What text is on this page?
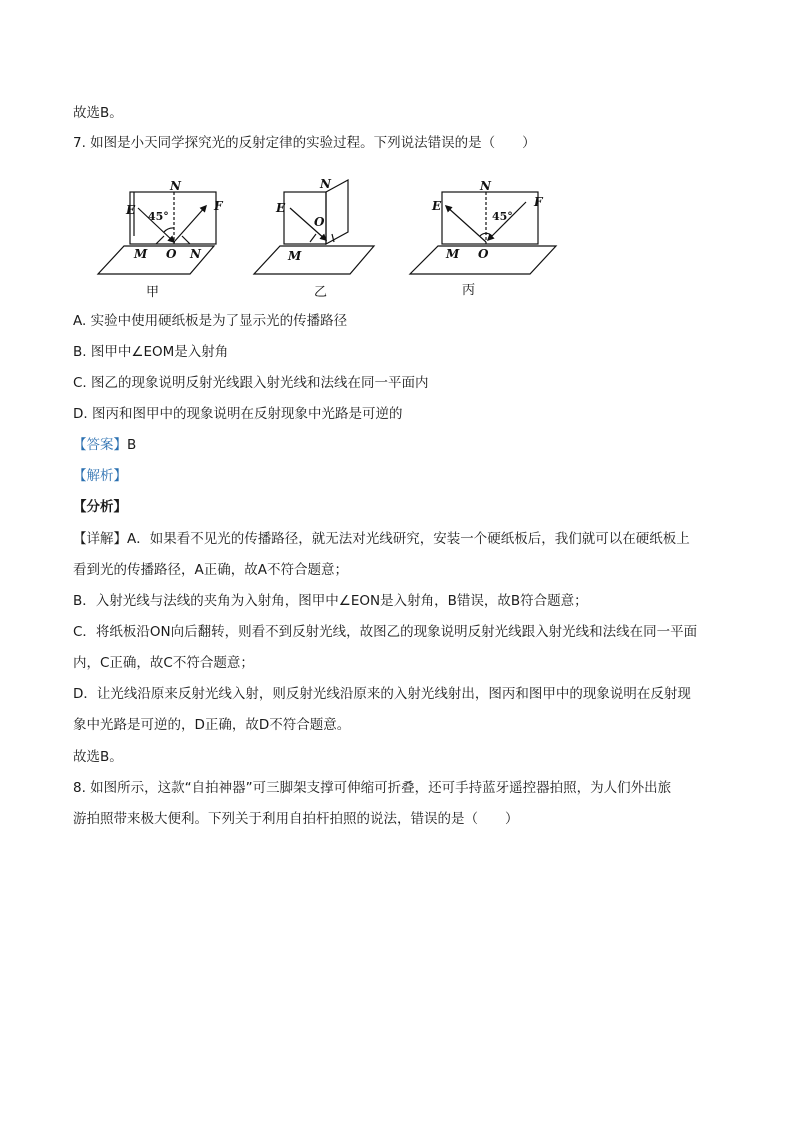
故选B。
7. 如图是小天同学探究光的反射定律的实验过程。下列说法错误的是（　　）
E	F
N
45°
M O N
甲
E
N
O
M
乙
E	F
N
45°
M O
丙
A. 实验中使用硬纸板是为了显示光的传播路径
B. 图甲中∠EOM是入射角
C. 图乙的现象说明反射光线跟入射光线和法线在同一平面内
D. 图丙和图甲中的现象说明在反射现象中光路是可逆的
【答案】B
【解析】
【分析】
【详解】A．如果看不见光的传播路径，就无法对光线研究，安装一个硬纸板后，我们就可以在硬纸板上
看到光的传播路径，A正确，故A不符合题意；
B．入射光线与法线的夹角为入射角，图甲中∠EON是入射角，B错误，故B符合题意；
C．将纸板沿ON向后翻转，则看不到反射光线，故图乙的现象说明反射光线跟入射光线和法线在同一平面
内，C正确，故C不符合题意；
D．让光线沿原来反射光线入射，则反射光线沿原来的入射光线射出，图丙和图甲中的现象说明在反射现
象中光路是可逆的，D正确，故D不符合题意。
故选B。
8. 如图所示，这款“自拍神器”可三脚架支撑可伸缩可折叠，还可手持蓝牙遥控器拍照，为人们外出旅
游拍照带来极大便利。下列关于利用自拍杆拍照的说法，错误的是（　　）
